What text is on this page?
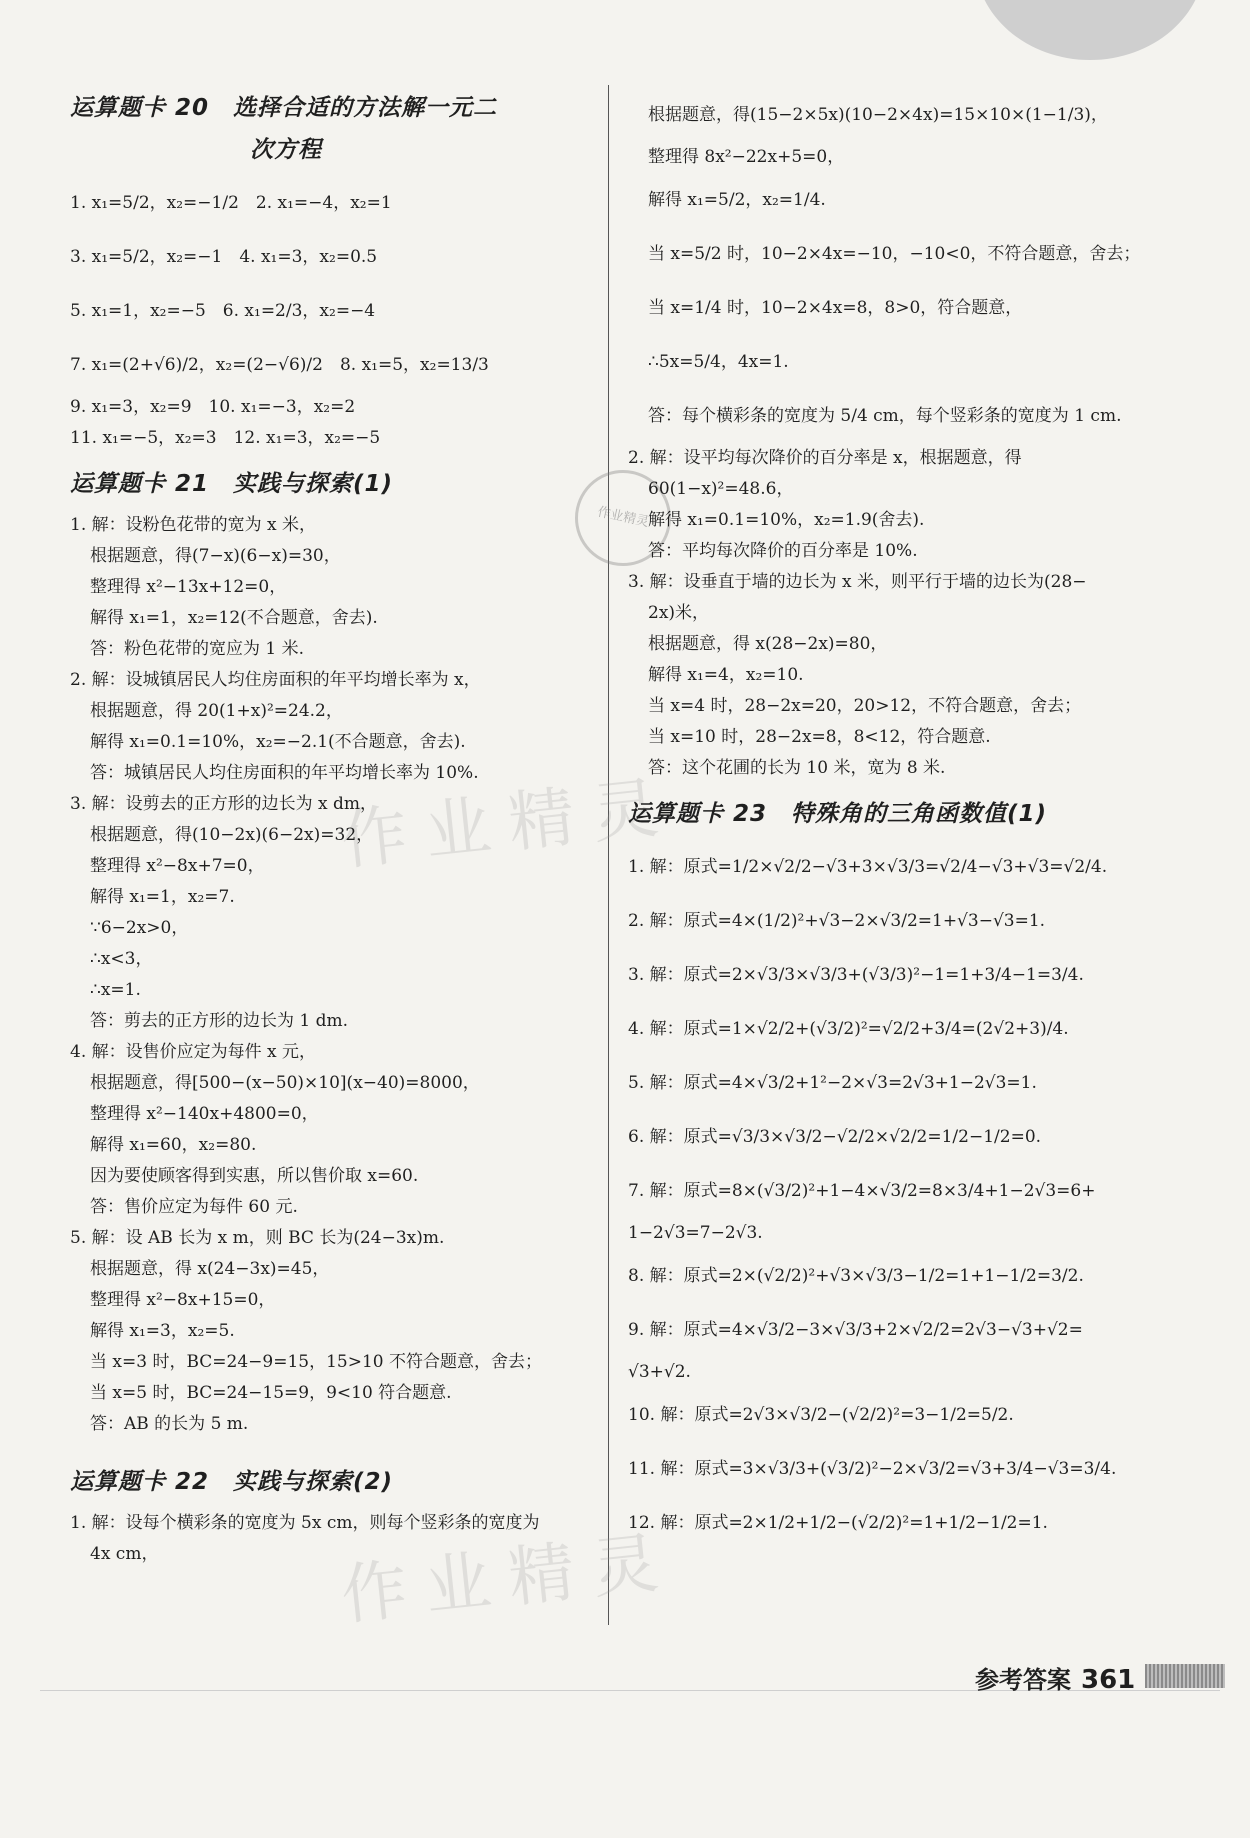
作业精灵
作业精灵
作业精灵
运算题卡 20　选择合适的方法解一元二
次方程
1. x₁=5/2，x₂=−1/2　2. x₁=−4，x₂=1
3. x₁=5/2，x₂=−1　4. x₁=3，x₂=0.5
5. x₁=1，x₂=−5　6. x₁=2/3，x₂=−4
7. x₁=(2+√6)/2，x₂=(2−√6)/2　8. x₁=5，x₂=13/3
9. x₁=3，x₂=9　10. x₁=−3，x₂=2
11. x₁=−5，x₂=3　12. x₁=3，x₂=−5
运算题卡 21　实践与探索(1)
1. 解：设粉色花带的宽为 x 米，
根据题意，得(7−x)(6−x)=30，
整理得 x²−13x+12=0，
解得 x₁=1，x₂=12(不合题意，舍去).
答：粉色花带的宽应为 1 米.
2. 解：设城镇居民人均住房面积的年平均增长率为 x，
根据题意，得 20(1+x)²=24.2，
解得 x₁=0.1=10%，x₂=−2.1(不合题意，舍去).
答：城镇居民人均住房面积的年平均增长率为 10%.
3. 解：设剪去的正方形的边长为 x dm，
根据题意，得(10−2x)(6−2x)=32，
整理得 x²−8x+7=0，
解得 x₁=1，x₂=7.
∵6−2x>0，
∴x<3，
∴x=1.
答：剪去的正方形的边长为 1 dm.
4. 解：设售价应定为每件 x 元，
根据题意，得[500−(x−50)×10](x−40)=8000，
整理得 x²−140x+4800=0，
解得 x₁=60，x₂=80.
因为要使顾客得到实惠，所以售价取 x=60.
答：售价应定为每件 60 元.
5. 解：设 AB 长为 x m，则 BC 长为(24−3x)m.
根据题意，得 x(24−3x)=45，
整理得 x²−8x+15=0，
解得 x₁=3，x₂=5.
当 x=3 时，BC=24−9=15，15>10 不符合题意，舍去；
当 x=5 时，BC=24−15=9，9<10 符合题意.
答：AB 的长为 5 m.
运算题卡 22　实践与探索(2)
1. 解：设每个横彩条的宽度为 5x cm，则每个竖彩条的宽度为
4x cm，
根据题意，得(15−2×5x)(10−2×4x)=15×10×(1−1/3)，
整理得 8x²−22x+5=0，
解得 x₁=5/2，x₂=1/4.
当 x=5/2 时，10−2×4x=−10，−10<0，不符合题意，舍去；
当 x=1/4 时，10−2×4x=8，8>0，符合题意，
∴5x=5/4，4x=1.
答：每个横彩条的宽度为 5/4 cm，每个竖彩条的宽度为 1 cm.
2. 解：设平均每次降价的百分率是 x，根据题意，得
60(1−x)²=48.6，
解得 x₁=0.1=10%，x₂=1.9(舍去).
答：平均每次降价的百分率是 10%.
3. 解：设垂直于墙的边长为 x 米，则平行于墙的边长为(28−
2x)米，
根据题意，得 x(28−2x)=80，
解得 x₁=4，x₂=10.
当 x=4 时，28−2x=20，20>12，不符合题意，舍去；
当 x=10 时，28−2x=8，8<12，符合题意.
答：这个花圃的长为 10 米，宽为 8 米.
运算题卡 23　特殊角的三角函数值(1)
1. 解：原式=1/2×√2/2−√3+3×√3/3=√2/4−√3+√3=√2/4.
2. 解：原式=4×(1/2)²+√3−2×√3/2=1+√3−√3=1.
3. 解：原式=2×√3/3×√3/3+(√3/3)²−1=1+3/4−1=3/4.
4. 解：原式=1×√2/2+(√3/2)²=√2/2+3/4=(2√2+3)/4.
5. 解：原式=4×√3/2+1²−2×√3=2√3+1−2√3=1.
6. 解：原式=√3/3×√3/2−√2/2×√2/2=1/2−1/2=0.
7. 解：原式=8×(√3/2)²+1−4×√3/2=8×3/4+1−2√3=6+
1−2√3=7−2√3.
8. 解：原式=2×(√2/2)²+√3×√3/3−1/2=1+1−1/2=3/2.
9. 解：原式=4×√3/2−3×√3/3+2×√2/2=2√3−√3+√2=
√3+√2.
10. 解：原式=2√3×√3/2−(√2/2)²=3−1/2=5/2.
11. 解：原式=3×√3/3+(√3/2)²−2×√3/2=√3+3/4−√3=3/4.
12. 解：原式=2×1/2+1/2−(√2/2)²=1+1/2−1/2=1.
参考答案 361
